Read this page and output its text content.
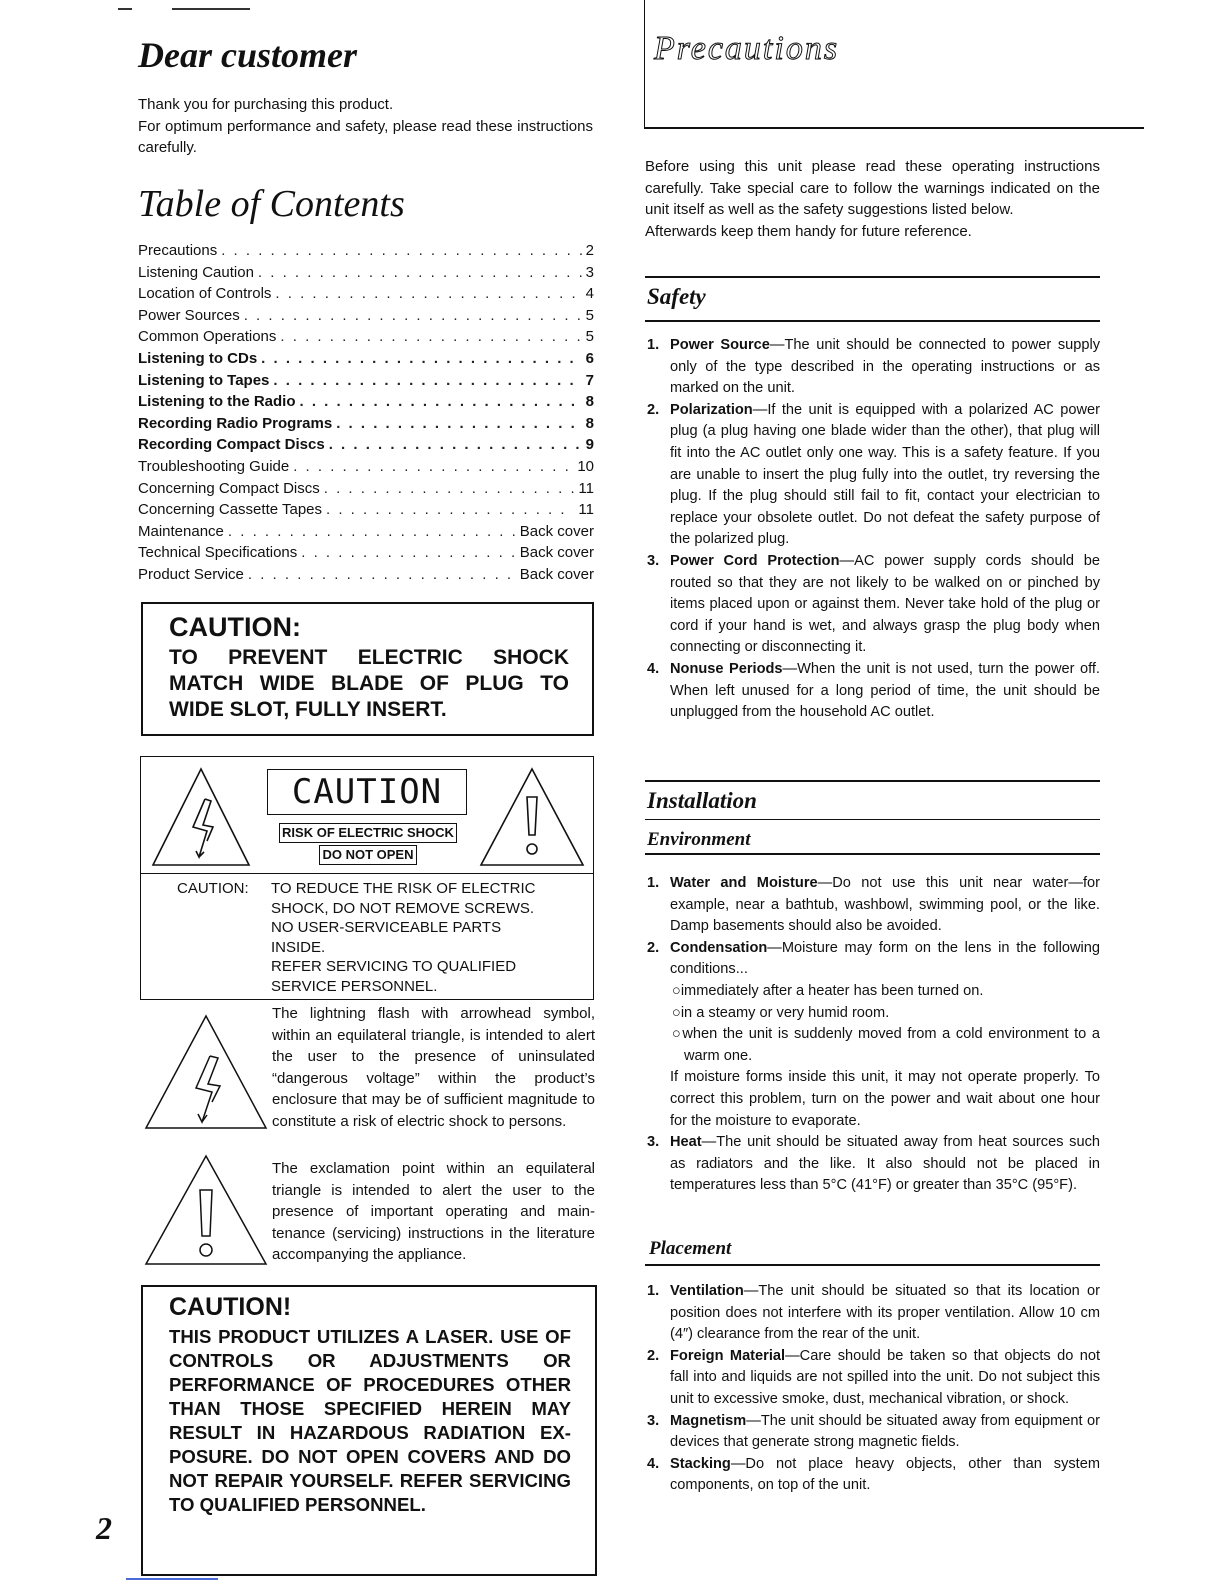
Dear customer

Thank you for purchasing this product.

For optimum performance and safety, please read these instructions carefully.

Table of Contents
Precautions . . .	2
Listening Caution . . .	3
Location of Controls . . .	4
Power Sources . . .	5
Common Operations . . .	5
Listening to CDs . . .	6
Listening to Tapes . . .	7
Listening to the Radio . . .	8
Recording Radio Programs . . .	8
Recording Compact Discs . . .	9
Troubleshooting Guide . . .	10
Concerning Compact Discs . . .	11
Concerning Cassette Tapes . . .	11
Maintenance . . .	Back cover
Technical Specifications . . .	Back cover
Product Service . . .	Back cover
CAUTION:
TO PREVENT ELECTRIC SHOCK
MATCH WIDE BLADE OF PLUG TO
WIDE SLOT, FULLY INSERT.
CAUTION
RISK OF ELECTRIC SHOCK DO NOT OPEN
CAUTION: TO REDUCE THE RISK OF ELECTRIC
SHOCK, DO NOT REMOVE SCREWS.
NO USER-SERVICEABLE PARTS
INSIDE.
REFER SERVICING TO QUALIFIED
SERVICE PERSONNEL.

The lightning flash with arrowhead symbol, within an equilateral triangle, is intended to alert the user to the presence of uninsulated “dangerous voltage” within the product’s enclosure that may be of sufficient magnitude to constitute a risk of electric shock to persons.

The exclamation point within an equilateral triangle is intended to alert the user to the presence of important operating and maintenance (servicing) instructions in the literature accompanying the appliance.

CAUTION!

THIS PRODUCT UTILIZES A LASER. USE OF CONTROLS OR ADJUSTMENTS OR PERFORMANCE OF PROCEDURES OTHER THAN THOSE SPECIFIED HEREIN MAY RESULT IN HAZARDOUS RADIATION EXPOSURE. DO NOT OPEN COVERS AND DO NOT REPAIR YOURSELF. REFER SERVICING TO QUALIFIED PERSONNEL.

2
Precautions

Before using this unit please read these operating instructions carefully. Take special care to follow the warnings indicated on the unit itself as well as the safety suggestions listed below.

Afterwards keep them handy for future reference.

Safety
1. Power Source—The unit should be connected to power supply only of the type described in the operating instructions or as marked on the unit.
2. Polarization—If the unit is equipped with a polarized AC power plug (a plug having one blade wider than the other), that plug will fit into the AC outlet only one way. This is a safety feature. If you are unable to insert the plug fully into the outlet, try reversing the plug. If the plug should still fail to fit, contact your electrician to replace your obsolete outlet. Do not defeat the safety purpose of the polarized plug.
3. Power Cord Protection—AC power supply cords should be routed so that they are not likely to be walked on or pinched by items placed upon or against them. Never take hold of the plug or cord if your hand is wet, and always grasp the plug body when connecting or disconnecting it.
4. Nonuse Periods—When the unit is not used, turn the power off. When left unused for a long period of time, the unit should be unplugged from the household AC outlet.
Installation
Environment
1. Water and Moisture—Do not use this unit near water—for example, near a bathtub, washbowl, swimming pool, or the like. Damp basements should also be avoided.
2. Condensation—Moisture may form on the lens in the following conditions...
○immediately after a heater has been turned on.
○in a steamy or very humid room.
○when the unit is suddenly moved from a cold environment to a warm one.
If moisture forms inside this unit, it may not operate properly. To correct this problem, turn on the power and wait about one hour for the moisture to evaporate.
3. Heat—The unit should be situated away from heat sources such as radiators and the like. It also should not be placed in temperatures less than 5°C (41°F) or greater than 35°C (95°F).
Placement
1. Ventilation—The unit should be situated so that its location or position does not interfere with its proper ventilation. Allow 10 cm (4″) clearance from the rear of the unit.
2. Foreign Material—Care should be taken so that objects do not fall into and liquids are not spilled into the unit. Do not subject this unit to excessive smoke, dust, mechanical vibration, or shock.
3. Magnetism—The unit should be situated away from equipment or devices that generate strong magnetic fields.
4. Stacking—Do not place heavy objects, other than system components, on top of the unit.
